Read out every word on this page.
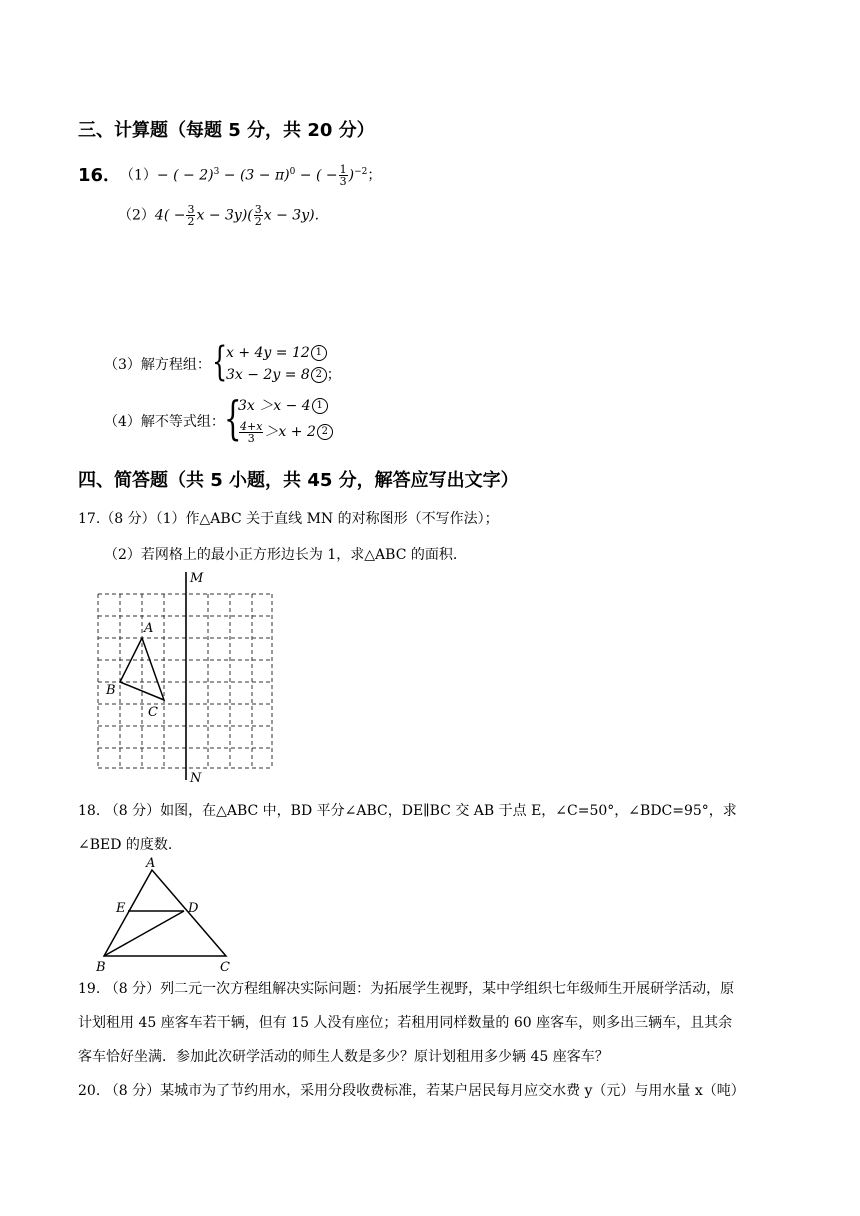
三、计算题（每题 5 分，共 20 分）
16．
（1）− ( − $2)^3 - (3 - \pi)^0$ − ( − $\frac{1}{3} )^{-2}$；
$(2)4( - \frac{3}{2}$ $x - 3y)( \frac{3}{2}$ x − 3y).
（3）解方程组： {
x + 4y = 12 1
3x − 2y = 8 2 ；
（4）解不等式组： {
3x ＞x − 4 1
$\frac{4+x}{3} >x + 2$ 2
四、简答题（共 5 小题，共 45 分，解答应写出文字）
17.（8 分）（1）作△ABC 关于直线 MN 的对称图形（不写作法）；
（2）若网格上的最小正方形边长为 1，求△ABC 的面积.
M
N
A
B
C
18. （8 分）如图，在△ABC 中，BD 平分∠ABC，DE∥BC 交 AB 于点 E，∠C=50°，∠BDC=95°，求
∠BED 的度数.
A
E	D
B	C
19. （8 分）列二元一次方程组解决实际问题：为拓展学生视野，某中学组织七年级师生开展研学活动，原
计划租用 45 座客车若干辆，但有 15 人没有座位；若租用同样数量的 60 座客车，则多出三辆车，且其余
客车恰好坐满．参加此次研学活动的师生人数是多少？原计划租用多少辆 45 座客车？
20. （8 分）某城市为了节约用水，采用分段收费标准，若某户居民每月应交水费 y（元）与用水量 x（吨）
